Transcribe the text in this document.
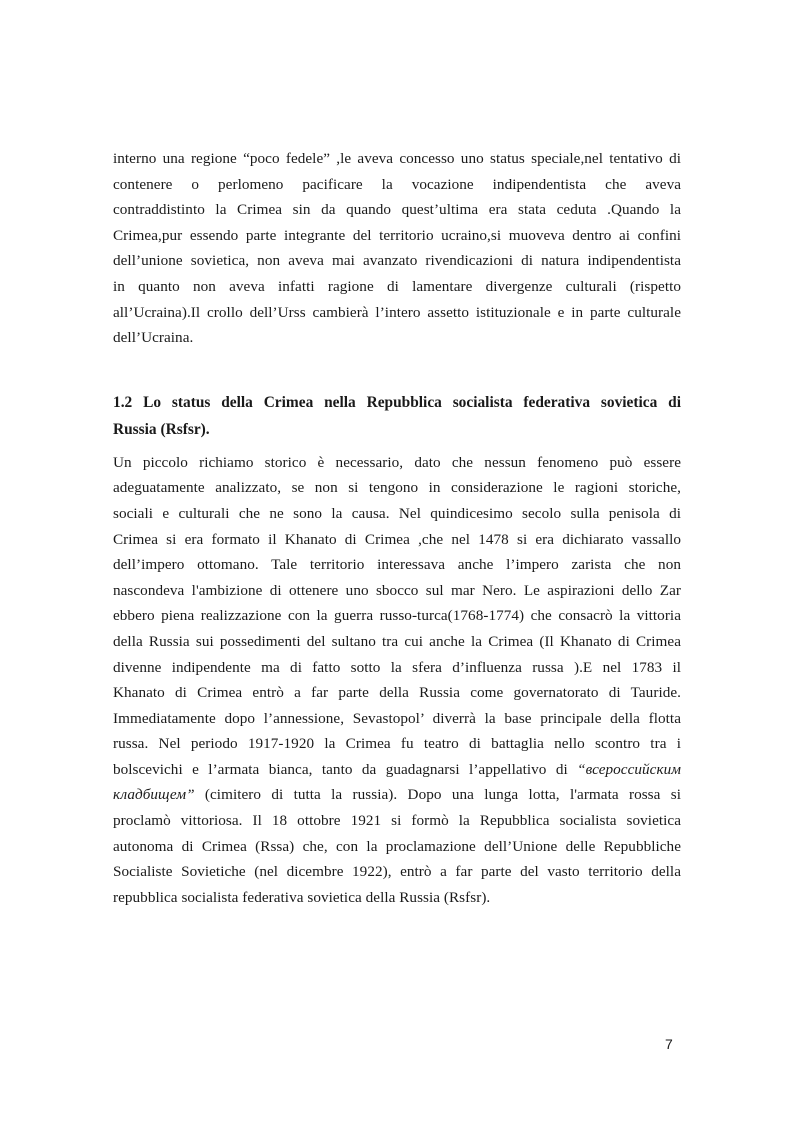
interno una regione “poco fedele” ,le aveva concesso uno status speciale,nel tentativo di
contenere o perlomeno pacificare la vocazione indipendentista che aveva
contraddistinto la Crimea sin da quando quest’ultima era stata ceduta .Quando la
Crimea,pur essendo parte integrante del territorio ucraino,si muoveva dentro ai confini
dell’unione sovietica, non aveva mai avanzato rivendicazioni di natura indipendentista
in quanto non aveva infatti ragione di lamentare divergenze culturali (rispetto
all’Ucraina).Il crollo dell’Urss cambierà l’intero assetto istituzionale e in parte culturale
dell’Ucraina.

1.2 Lo status della Crimea nella Repubblica socialista federativa sovietica di
Russia (Rsfsr).

Un piccolo richiamo storico è necessario, dato che nessun fenomeno può essere
adeguatamente analizzato, se non si tengono in considerazione le ragioni storiche,
sociali e culturali che ne sono la causa. Nel quindicesimo secolo sulla penisola di
Crimea si era formato il Khanato di Crimea ,che nel 1478 si era dichiarato vassallo
dell’impero ottomano. Tale territorio interessava anche l’impero zarista che non
nascondeva l'ambizione di ottenere uno sbocco sul mar Nero. Le aspirazioni dello Zar
ebbero piena realizzazione con la guerra russo-turca(1768-1774) che consacrò la vittoria
della Russia sui possedimenti del sultano tra cui anche la Crimea (Il Khanato di Crimea
divenne indipendente ma di fatto sotto la sfera d’influenza russa ).E nel 1783 il
Khanato di Crimea entrò a far parte della Russia come governatorato di Tauride.
Immediatamente dopo l’annessione, Sevastopol’ diverrà la base principale della flotta
russa. Nel periodo 1917-1920 la Crimea fu teatro di battaglia nello scontro tra i
bolscevichi e l’armata bianca, tanto da guadagnarsi l’appellativo di “всероссийским
кладбищем” (cimitero di tutta la russia). Dopo una lunga lotta, l'armata rossa si
proclamò vittoriosa. Il 18 ottobre 1921 si formò la Repubblica socialista sovietica
autonoma di Crimea (Rssa) che, con la proclamazione dell’Unione delle Repubbliche
Socialiste Sovietiche (nel dicembre 1922), entrò a far parte del vasto territorio della
repubblica socialista federativa sovietica della Russia (Rsfsr).

7
